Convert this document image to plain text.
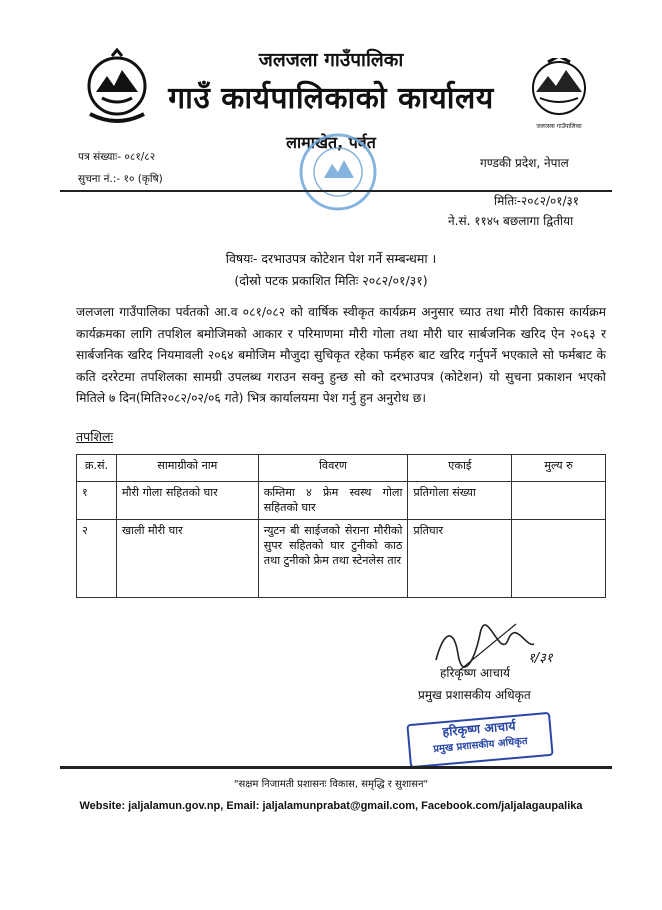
जलजला गाउँपालिका
जलजला गाउँपालिका
गाउँ कार्यपालिकाको कार्यालय
लामाखेत, पर्वत
पत्र संख्याः- ०८१/८२
सुचना नं.:- १० (कृषि)
गण्डकी प्रदेश, नेपाल
मितिः-२०८२/०१/३१
ने.सं. ११४५ बछलागा द्वितीया
विषयः- दरभाउपत्र कोटेशन पेश गर्ने सम्बन्धमा ।
(दोस्रो पटक प्रकाशित मितिः २०८२/०१/३१)
जलजला गाउँपालिका पर्वतको आ.व ०८१/०८२ को वार्षिक स्वीकृत कार्यक्रम अनुसार च्याउ तथा मौरी विकास कार्यक्रम कार्यक्रमका लागि तपशिल बमोजिमको आकार र परिमाणमा मौरी गोला तथा मौरी घार सार्बजनिक खरिद ऐन २०६३ र सार्बजनिक खरिद नियमावली २०६४ बमोजिम मौजुदा सुचिकृत रहेका फर्महरु बाट खरिद गर्नुपर्ने भएकाले सो फर्मबाट के कति दररेटमा तपशिलका सामग्री उपलब्ध गराउन सक्नु हुन्छ सो को दरभाउपत्र (कोटेशन) यो सुचना प्रकाशन भएको मितिले ७ दिन(मिति२०८२/०२/०६ गते) भित्र कार्यालयमा पेश गर्नु हुन अनुरोध छ।
तपशिलः
क्र.सं.	सामाग्रीको नाम	विवरण	एकाई	मुल्य रु
१	मौरी गोला सहितको घार	कम्तिमा ४ फ्रेम स्वस्थ गोला सहितको घार	प्रतिगोला संख्या	
२	खाली मौरी घार	न्युटन बी साईजको सेराना मौरीको सुपर सहितको घार टुनीको काठ तथा टुनीको फ्रेम तथा स्टेनलेस तार	प्रतिघार	
१/३१
हरिकृष्ण आचार्य
प्रमुख प्रशासकीय अधिकृत
हरिकृष्ण आचार्य
प्रमुख प्रशासकीय अधिकृत
"सक्षम निजामती प्रशासनः विकास, समृद्धि र सुशासन"
Website: jaljalamun.gov.np, Email: jaljalamunprabat@gmail.com, Facebook.com/jaljalagaupalika
